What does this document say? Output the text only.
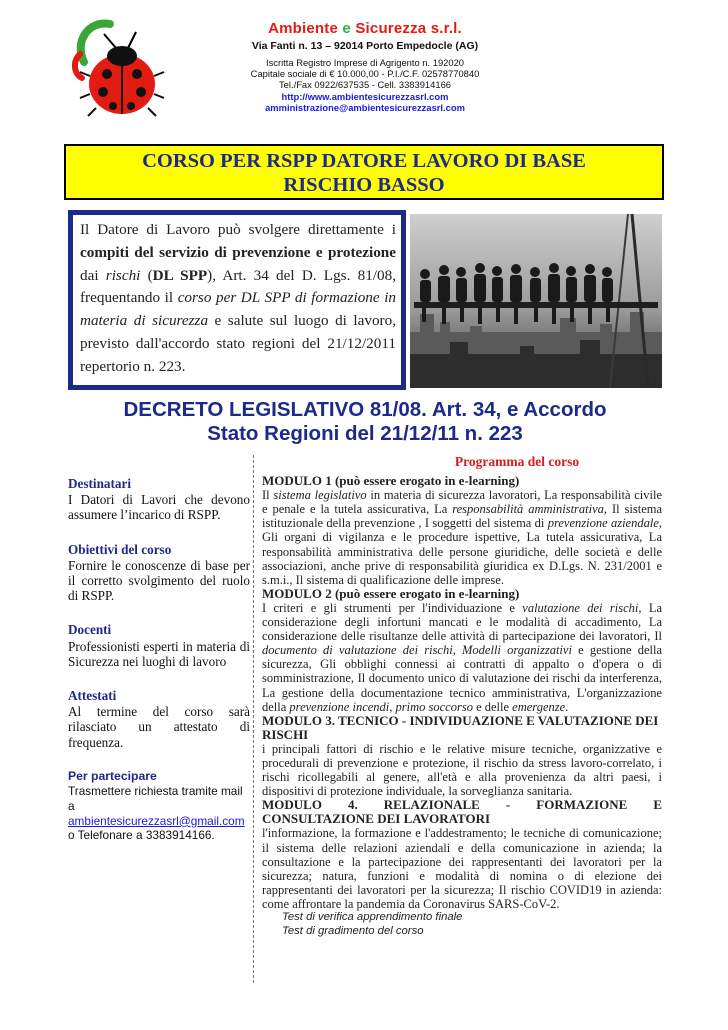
Ambiente e Sicurezza s.r.l.
Via Fanti n. 13 – 92014 Porto Empedocle (AG)
Iscritta Registro Imprese di Agrigento n. 192020
Capitale sociale di € 10.000,00 - P.I./C.F. 02578770840
Tel./Fax 0922/637535 - Cell. 3383914166
http://www.ambientesicurezzasrl.com
amministrazione@ambientesicurezzasrl.com
CORSO PER RSPP DATORE LAVORO DI BASE
RISCHIO BASSO
Il Datore di Lavoro può svolgere direttamente i compiti del servizio di prevenzione e protezione dai rischi (DL SPP), Art. 34 del D. Lgs. 81/08, frequentando il corso per DL SPP di formazione in materia di sicurezza e salute sul luogo di lavoro, previsto dall'accordo stato regioni del 21/12/2011 repertorio n. 223.
DECRETO LEGISLATIVO 81/08. Art. 34, e Accordo
Stato Regioni del 21/12/11 n. 223
Destinatari

I Datori di Lavori che devono assumere l’incarico di RSPP.

Obiettivi del corso

Fornire le conoscenze di base per il corretto svolgimento del ruolo di RSPP.

Docenti

Professionisti esperti in materia di Sicurezza nei luoghi di lavoro

Attestati

Al termine del corso sarà rilasciato un attestato di frequenza.

Per partecipare
Trasmettere richiesta tramite mail a
ambientesicurezzasrl@gmail.com
o Telefonare a 3383914166.
Programma del corso
MODULO 1 (può essere erogato in e-learning)

Il sistema legislativo in materia di sicurezza lavoratori, La responsabilità civile e penale e la tutela assicurativa, La responsabilità amministrativa, Il sistema istituzionale della prevenzione , I soggetti del sistema di prevenzione aziendale, Gli organi di vigilanza e le procedure ispettive, La tutela assicurativa, La responsabilità amministrativa delle persone giuridiche, delle società e delle associazioni, anche prive di responsabilità giuridica ex D.Lgs. N. 231/2001 e s.m.i., Il sistema di qualificazione delle imprese.

MODULO 2 (può essere erogato in e-learning)

I criteri e gli strumenti per l'individuazione e valutazione dei rischi, La considerazione degli infortuni mancati e le modalità di accadimento, La considerazione delle risultanze delle attività di partecipazione dei lavoratori, Il documento di valutazione dei rischi, Modelli organizzativi e gestione della sicurezza, Gli obblighi connessi ai contratti di appalto o d'opera o di somministrazione, Il documento unico di valutazione dei rischi da interferenza, La gestione della documentazione tecnico amministrativa, L'organizzazione della prevenzione incendi, primo soccorso e delle emergenze.

MODULO 3. TECNICO - INDIVIDUAZIONE E VALUTAZIONE DEI RISCHI

i principali fattori di rischio e le relative misure tecniche, organizzative e procedurali di prevenzione e protezione, il rischio da stress lavoro-correlato, i rischi ricollegabili al genere, all'età e alla provenienza da altri paesi, i dispositivi di protezione individuale, la sorveglianza sanitaria.

MODULO 4. RELAZIONALE - FORMAZIONE E
CONSULTAZIONE DEI LAVORATORI

l'informazione, la formazione e l'addestramento; le tecniche di comunicazione; il sistema delle relazioni aziendali e della comunicazione in azienda; la consultazione e la partecipazione dei rappresentanti dei lavoratori per la sicurezza; natura, funzioni e modalità di nomina o di elezione dei rappresentanti dei lavoratori per la sicurezza; Il rischio COVID19 in azienda: come affrontare la pandemia da Coronavirus SARS-CoV-2.

Test di verifica apprendimento finale
Test di gradimento del corso
